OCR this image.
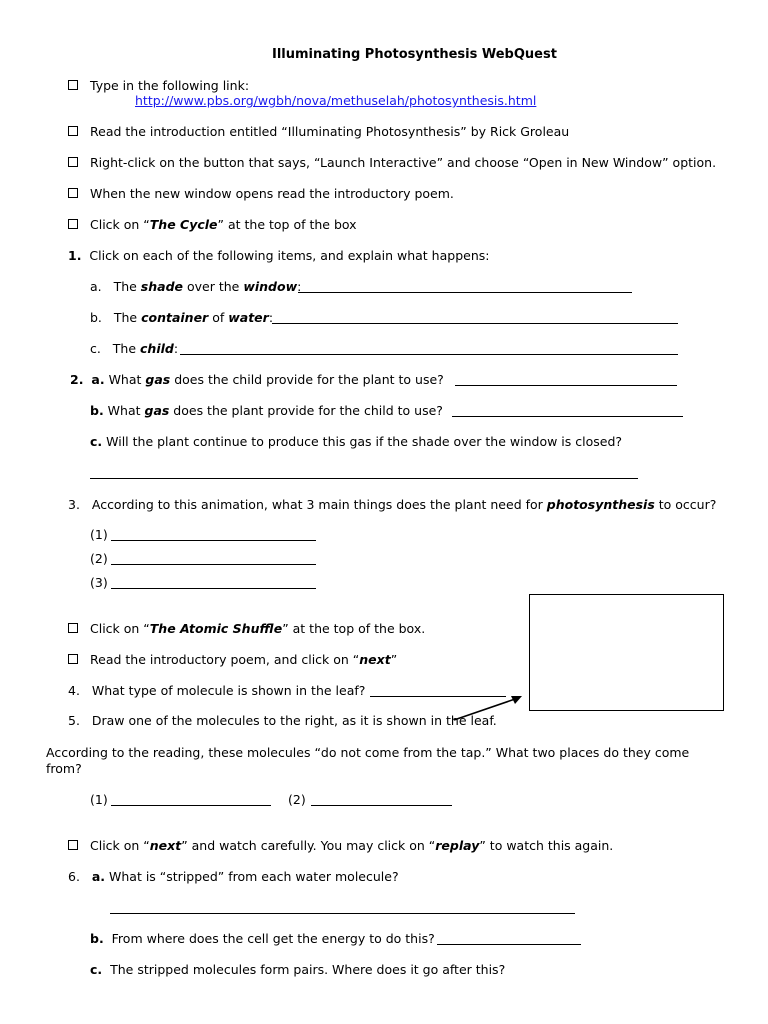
Illuminating Photosynthesis WebQuest
Type in the following link:
http://www.pbs.org/wgbh/nova/methuselah/photosynthesis.html
Read the introduction entitled “Illuminating Photosynthesis” by Rick Groleau
Right-click on the button that says, “Launch Interactive” and choose “Open in New Window” option.
When the new window opens read the introductory poem.
Click on “The Cycle” at the top of the box
1. Click on each of the following items, and explain what happens:
a. The shade over the window:
b. The container of water:
c. The child:
2. a. What gas does the child provide for the plant to use?
b. What gas does the plant provide for the child to use?
c. Will the plant continue to produce this gas if the shade over the window is closed?
3. According to this animation, what 3 main things does the plant need for photosynthesis to occur?
(1)
(2)
(3)
Click on “The Atomic Shuffle” at the top of the box.
Read the introductory poem, and click on “next”
4. What type of molecule is shown in the leaf?
5. Draw one of the molecules to the right, as it is shown in the leaf.
According to the reading, these molecules “do not come from the tap.” What two places do they come
from?
(1)	(2)
Click on “next” and watch carefully. You may click on “replay” to watch this again.
6. a. What is “stripped” from each water molecule?
b. From where does the cell get the energy to do this?
c. The stripped molecules form pairs. Where does it go after this?
